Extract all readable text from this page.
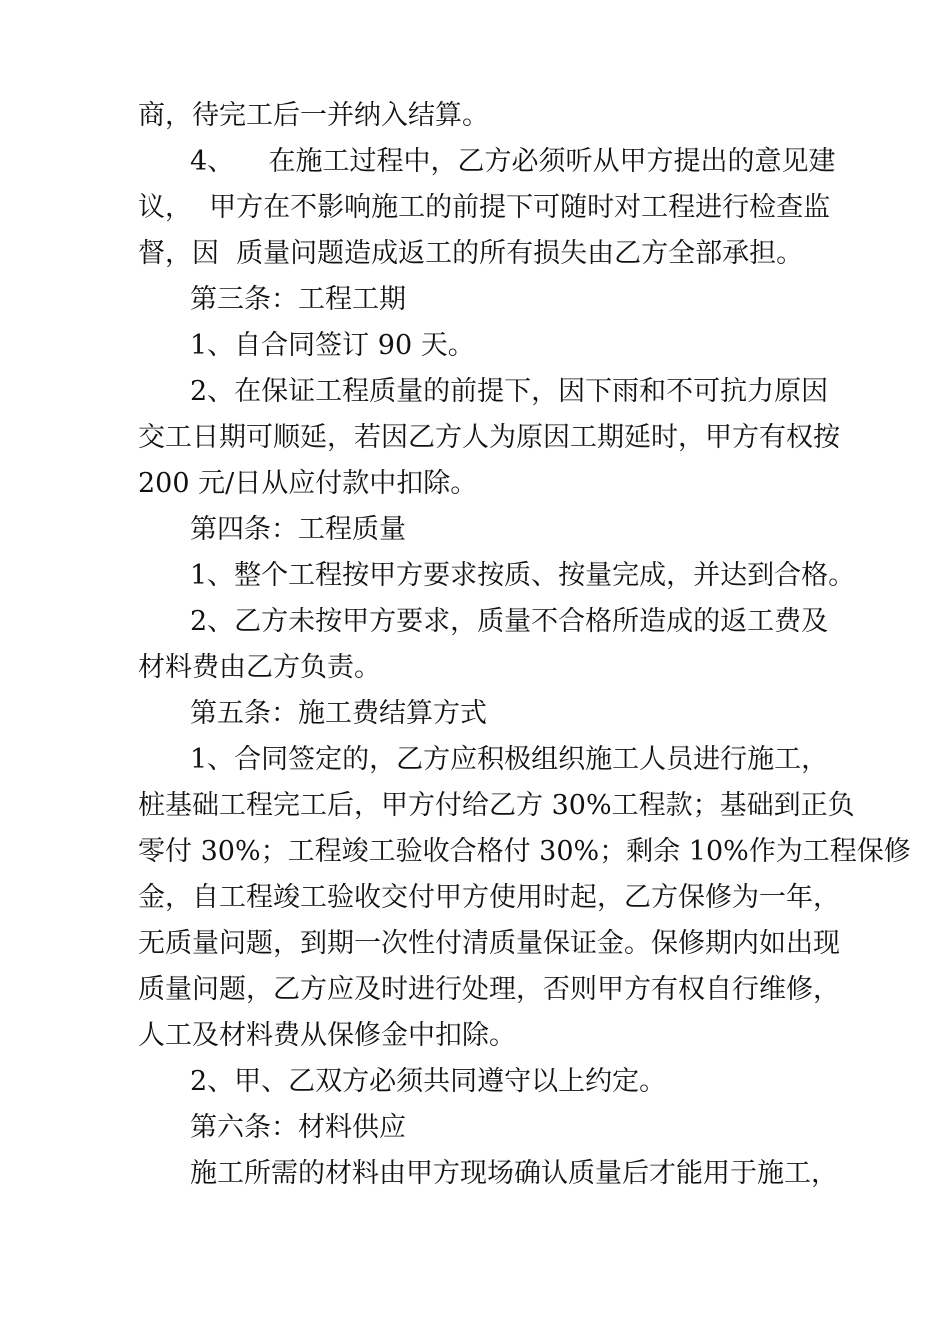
商，待完工后一并纳入结算。
4、    在施工过程中，乙方必须听从甲方提出的意见建
议，  甲方在不影响施工的前提下可随时对工程进行检查监
督，因  质量问题造成返工的所有损失由乙方全部承担。
第三条：工程工期
1、自合同签订 90 天。
2、在保证工程质量的前提下，因下雨和不可抗力原因
交工日期可顺延，若因乙方人为原因工期延时，甲方有权按
200 元/日从应付款中扣除。
第四条：工程质量
1、整个工程按甲方要求按质、按量完成，并达到合格。
2、乙方未按甲方要求，质量不合格所造成的返工费及
材料费由乙方负责。
第五条：施工费结算方式
1、合同签定的，乙方应积极组织施工人员进行施工，
桩基础工程完工后，甲方付给乙方 30%工程款；基础到正负
零付 30%；工程竣工验收合格付 30%；剩余 10%作为工程保修
金，自工程竣工验收交付甲方使用时起，乙方保修为一年，
无质量问题，到期一次性付清质量保证金。保修期内如出现
质量问题，乙方应及时进行处理，否则甲方有权自行维修，
人工及材料费从保修金中扣除。
2、甲、乙双方必须共同遵守以上约定。
第六条：材料供应
施工所需的材料由甲方现场确认质量后才能用于施工，
